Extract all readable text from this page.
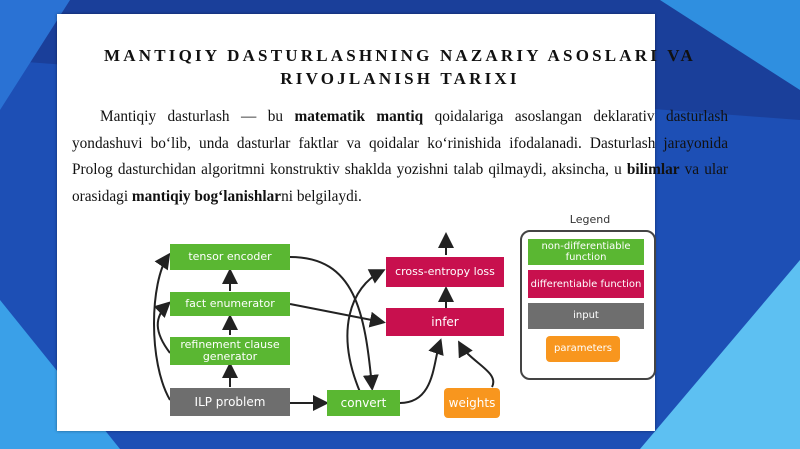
MANTIQIY DASTURLASHNING NAZARIY ASOSLARI VA RIVOJLANISH TARIXI
Mantiqiy dasturlash — bu matematik mantiq qoidalariga asoslangan deklarativ dasturlash yondashuvi bo‘lib, unda dasturlar faktlar va qoidalar ko‘rinishida ifodalanadi. Dasturlash jarayonida Prolog dasturchidan algoritmni konstruktiv shaklda yozishni talab qilmaydi, aksincha, u bilimlar va ular orasidagi mantiqiy bog‘lanishlarni belgilaydi.
tensor encoder
fact enumerator
refinement clause generator
ILP problem	convert
cross-entropy loss
infer
weights
Legend
non-differentiable function
differentiable function
input
parameters
